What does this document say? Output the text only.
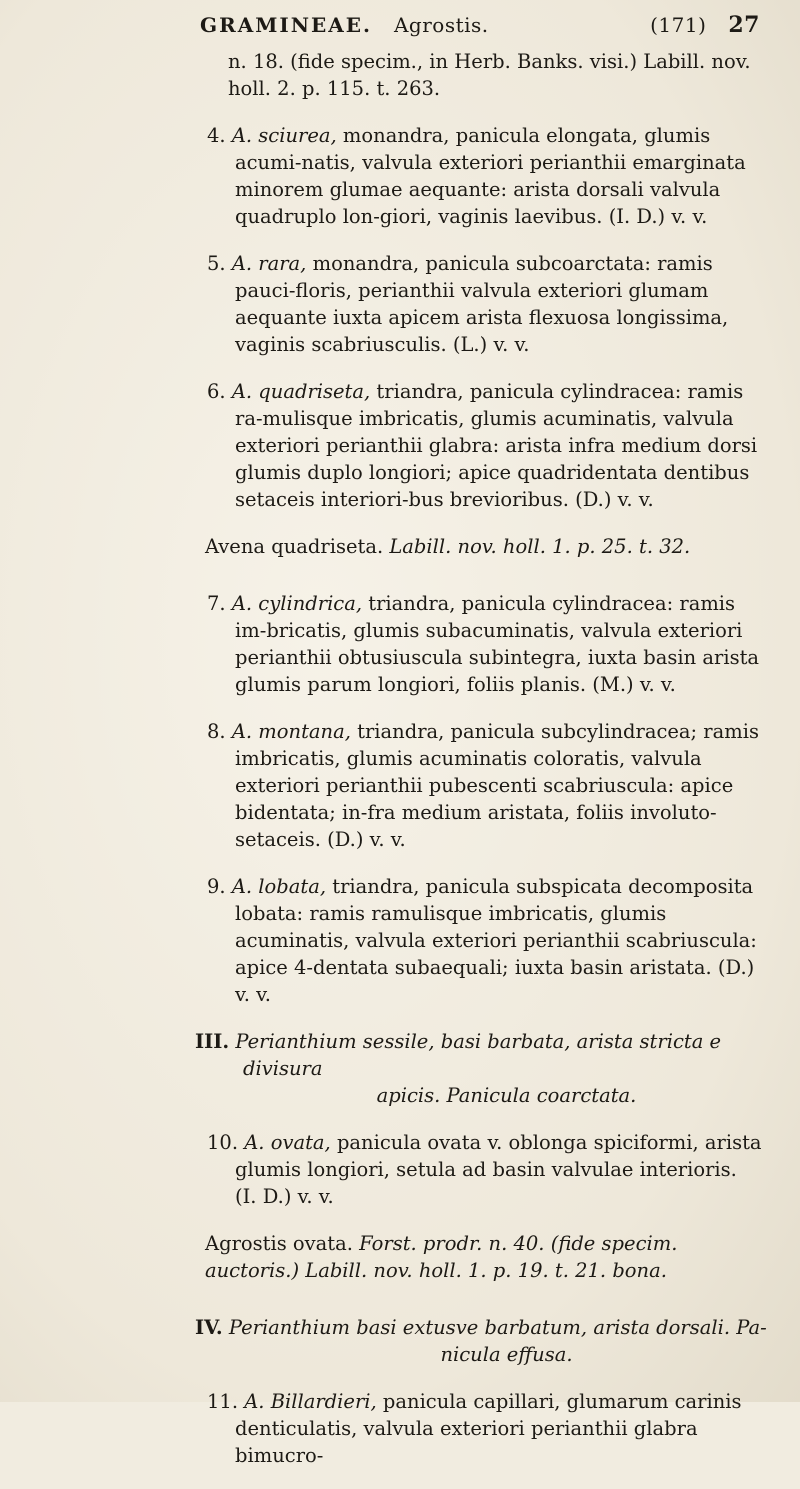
GRAMINEAE. Agrostis.	(171) 27

n. 18. (fide specim., in Herb. Banks. visi.) Labill. nov. holl. 2. p. 115. t. 263.

4. A. sciurea, monandra, panicula elongata, glumis acumi-natis, valvula exteriori perianthii emarginata minorem glumae aequante: arista dorsali valvula quadruplo lon-giori, vaginis laevibus. (I. D.) v. v.

5. A. rara, monandra, panicula subcoarctata: ramis pauci-floris, perianthii valvula exteriori glumam aequante iuxta apicem arista flexuosa longissima, vaginis scabriusculis. (L.) v. v.

6. A. quadriseta, triandra, panicula cylindracea: ramis ra-mulisque imbricatis, glumis acuminatis, valvula exteriori perianthii glabra: arista infra medium dorsi glumis duplo longiori; apice quadridentata dentibus setaceis interiori-bus brevioribus. (D.) v. v.

Avena quadriseta. Labill. nov. holl. 1. p. 25. t. 32.

7. A. cylindrica, triandra, panicula cylindracea: ramis im-bricatis, glumis subacuminatis, valvula exteriori perianthii obtusiuscula subintegra, iuxta basin arista glumis parum longiori, foliis planis. (M.) v. v.

8. A. montana, triandra, panicula subcylindracea; ramis imbricatis, glumis acuminatis coloratis, valvula exteriori perianthii pubescenti scabriuscula: apice bidentata; in-fra medium aristata, foliis involuto-setaceis. (D.) v. v.

9. A. lobata, triandra, panicula subspicata decomposita lobata: ramis ramulisque imbricatis, glumis acuminatis, valvula exteriori perianthii scabriuscula: apice 4-dentata subaequali; iuxta basin aristata. (D.) v. v.

III. Perianthium sessile, basi barbata, arista stricta e divisura
apicis. Panicula coarctata.

10. A. ovata, panicula ovata v. oblonga spiciformi, arista glumis longiori, setula ad basin valvulae interioris. (I. D.) v. v.

Agrostis ovata. Forst. prodr. n. 40. (fide specim. auctoris.) Labill. nov. holl. 1. p. 19. t. 21. bona.

IV. Perianthium basi extusve barbatum, arista dorsali. Pa-
nicula effusa.

11. A. Billardieri, panicula capillari, glumarum carinis denticulatis, valvula exteriori perianthii glabra bimucro-
